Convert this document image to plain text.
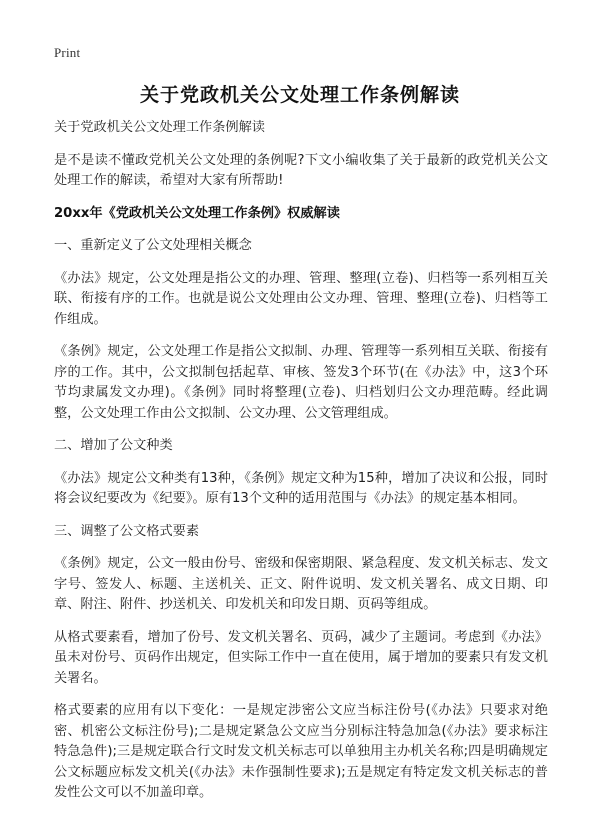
Print
关于党政机关公文处理工作条例解读

关于党政机关公文处理工作条例解读

是不是读不懂政党机关公文处理的条例呢?下文小编收集了关于最新的政党机关公文处理工作的解读，希望对大家有所帮助!

20xx年《党政机关公文处理工作条例》权威解读

一、重新定义了公文处理相关概念

《办法》规定，公文处理是指公文的办理、管理、整理(立卷)、归档等一系列相互关联、衔接有序的工作。也就是说公文处理由公文办理、管理、整理(立卷)、归档等工作组成。

《条例》规定，公文处理工作是指公文拟制、办理、管理等一系列相互关联、衔接有序的工作。其中，公文拟制包括起草、审核、签发3个环节(在《办法》中，这3个环节均隶属发文办理)。《条例》同时将整理(立卷)、归档划归公文办理范畴。经此调整，公文处理工作由公文拟制、公文办理、公文管理组成。

二、增加了公文种类

《办法》规定公文种类有13种，《条例》规定文种为15种，增加了决议和公报，同时将会议纪要改为《纪要》。原有13个文种的适用范围与《办法》的规定基本相同。

三、调整了公文格式要素

《条例》规定，公文一般由份号、密级和保密期限、紧急程度、发文机关标志、发文字号、签发人、标题、主送机关、正文、附件说明、发文机关署名、成文日期、印章、附注、附件、抄送机关、印发机关和印发日期、页码等组成。

从格式要素看，增加了份号、发文机关署名、页码，减少了主题词。考虑到《办法》虽未对份号、页码作出规定，但实际工作中一直在使用，属于增加的要素只有发文机关署名。

格式要素的应用有以下变化：一是规定涉密公文应当标注份号(《办法》只要求对绝密、机密公文标注份号);二是规定紧急公文应当分别标注特急加急(《办法》要求标注特急急件);三是规定联合行文时发文机关标志可以单独用主办机关名称;四是明确规定公文标题应标发文机关(《办法》未作强制性要求);五是规定有特定发文机关标志的普发性公文可以不加盖印章。
